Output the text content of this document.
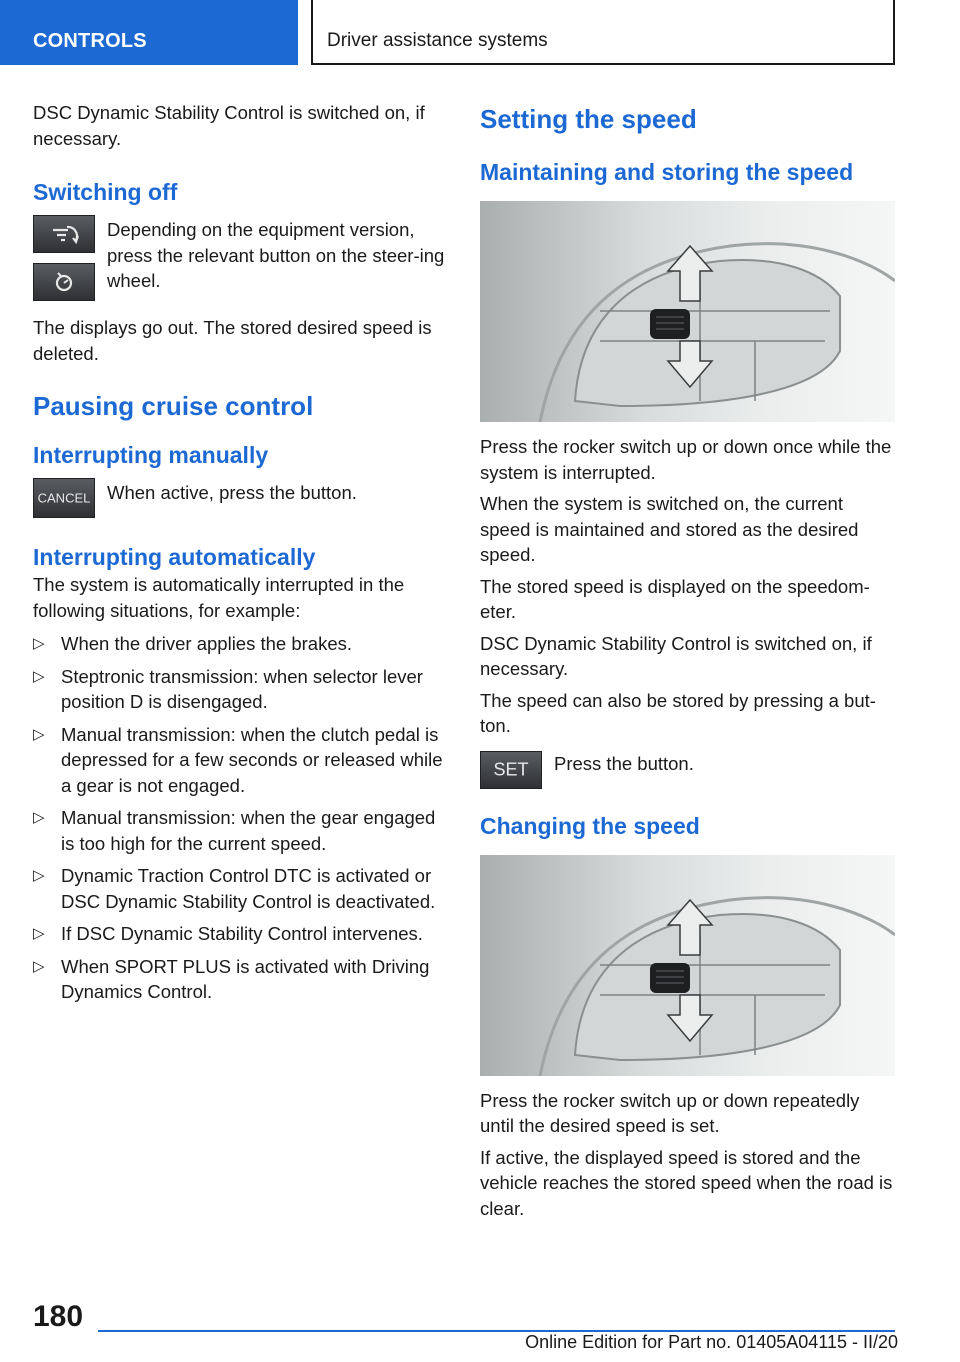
CONTROLS	Driver assistance systems

DSC Dynamic Stability Control is switched on, if necessary.

Switching off

Depending on the equipment version, press the relevant button on the steer-ing wheel.

The displays go out. The stored desired speed is deleted.

Pausing cruise control
Interrupting manually
CANCEL When active, press the button.

Interrupting automatically

The system is automatically interrupted in the following situations, for example:

▷ When the driver applies the brakes.
▷ Steptronic transmission: when selector lever position D is disengaged.
▷ Manual transmission: when the clutch pedal is depressed for a few seconds or released while a gear is not engaged.
▷ Manual transmission: when the gear engaged is too high for the current speed.
▷ Dynamic Traction Control DTC is activated or DSC Dynamic Stability Control is deactivated.
▷ If DSC Dynamic Stability Control intervenes.
▷ When SPORT PLUS is activated with Driving Dynamics Control.
Setting the speed
Maintaining and storing the speed

Press the rocker switch up or down once while the system is interrupted.

When the system is switched on, the current speed is maintained and stored as the desired speed.

The stored speed is displayed on the speedom-eter.

DSC Dynamic Stability Control is switched on, if necessary.

The speed can also be stored by pressing a but-ton.

SET	Press the button.

Changing the speed

Press the rocker switch up or down repeatedly until the desired speed is set.

If active, the displayed speed is stored and the vehicle reaches the stored speed when the road is clear.

180
Online Edition for Part no. 01405A04115 - II/20
